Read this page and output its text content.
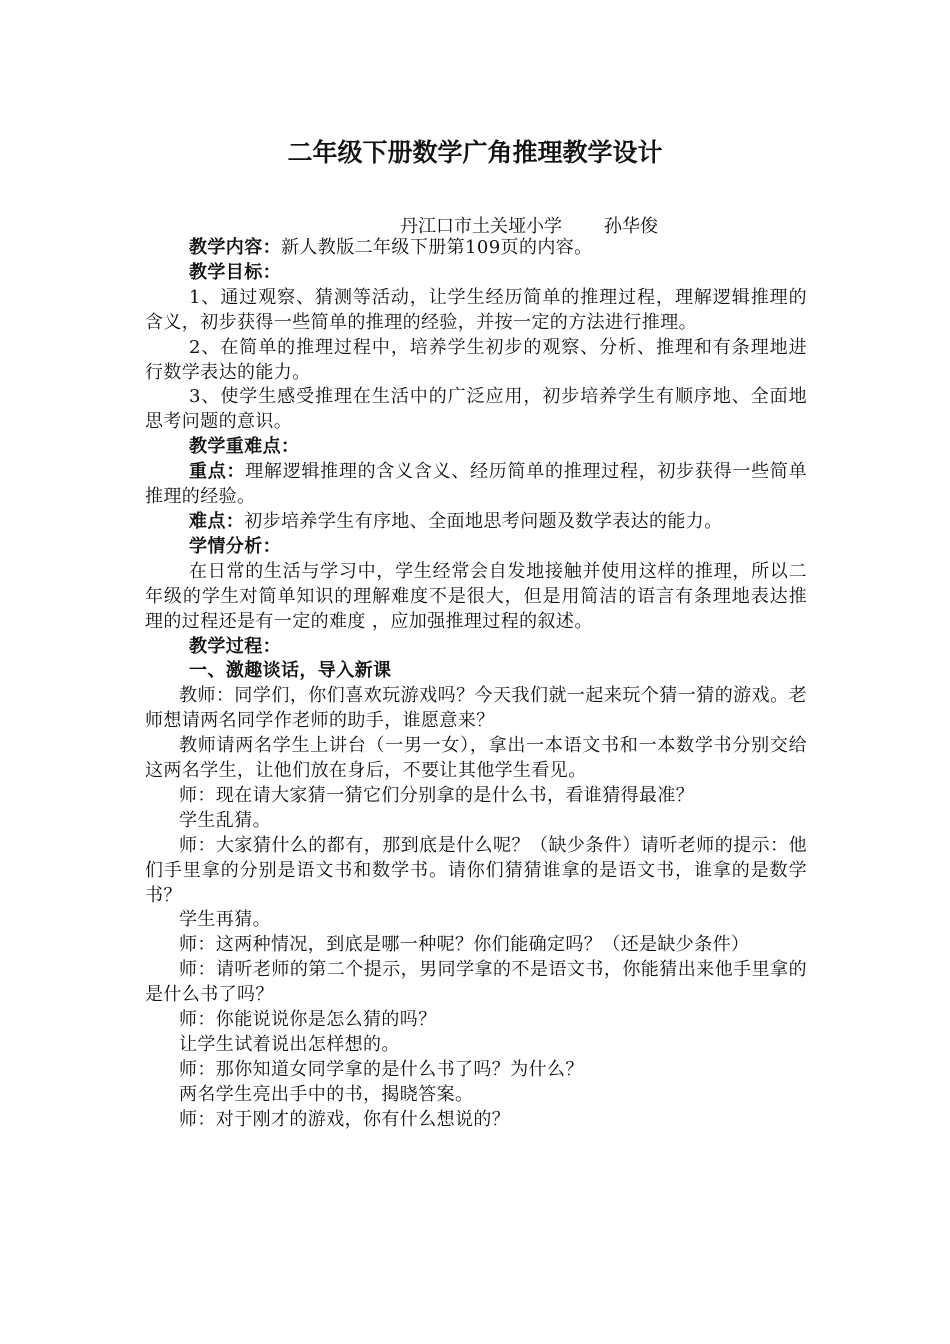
二年级下册数学广角推理教学设计
丹江口市土关垭小学 孙华俊

教学内容：新人教版二年级下册第109页的内容。

教学目标：

1、通过观察、猜测等活动，让学生经历简单的推理过程，理解逻辑推理的含义，初步获得一些简单的推理的经验，并按一定的方法进行推理。

2、在简单的推理过程中，培养学生初步的观察、分析、推理和有条理地进行数学表达的能力。

3、使学生感受推理在生活中的广泛应用，初步培养学生有顺序地、全面地思考问题的意识。

教学重难点：

重点：理解逻辑推理的含义含义、经历简单的推理过程，初步获得一些简单推理的经验。

难点：初步培养学生有序地、全面地思考问题及数学表达的能力。

学情分析：

在日常的生活与学习中，学生经常会自发地接触并使用这样的推理，所以二年级的学生对简单知识的理解难度不是很大，但是用简洁的语言有条理地表达推理的过程还是有一定的难度 ，应加强推理过程的叙述。

教学过程：

一、激趣谈话，导入新课

教师：同学们，你们喜欢玩游戏吗？今天我们就一起来玩个猜一猜的游戏。老师想请两名同学作老师的助手，谁愿意来？

教师请两名学生上讲台（一男一女），拿出一本语文书和一本数学书分别交给这两名学生，让他们放在身后，不要让其他学生看见。

师：现在请大家猜一猜它们分别拿的是什么书，看谁猜得最准？

学生乱猜。

师：大家猜什么的都有，那到底是什么呢？（缺少条件）请听老师的提示：他们手里拿的分别是语文书和数学书。请你们猜猜谁拿的是语文书，谁拿的是数学书？

学生再猜。

师：这两种情况，到底是哪一种呢？你们能确定吗？（还是缺少条件）

师：请听老师的第二个提示，男同学拿的不是语文书，你能猜出来他手里拿的是什么书了吗？

师：你能说说你是怎么猜的吗？

让学生试着说出怎样想的。

师：那你知道女同学拿的是什么书了吗？为什么？

两名学生亮出手中的书，揭晓答案。

师：对于刚才的游戏，你有什么想说的？
